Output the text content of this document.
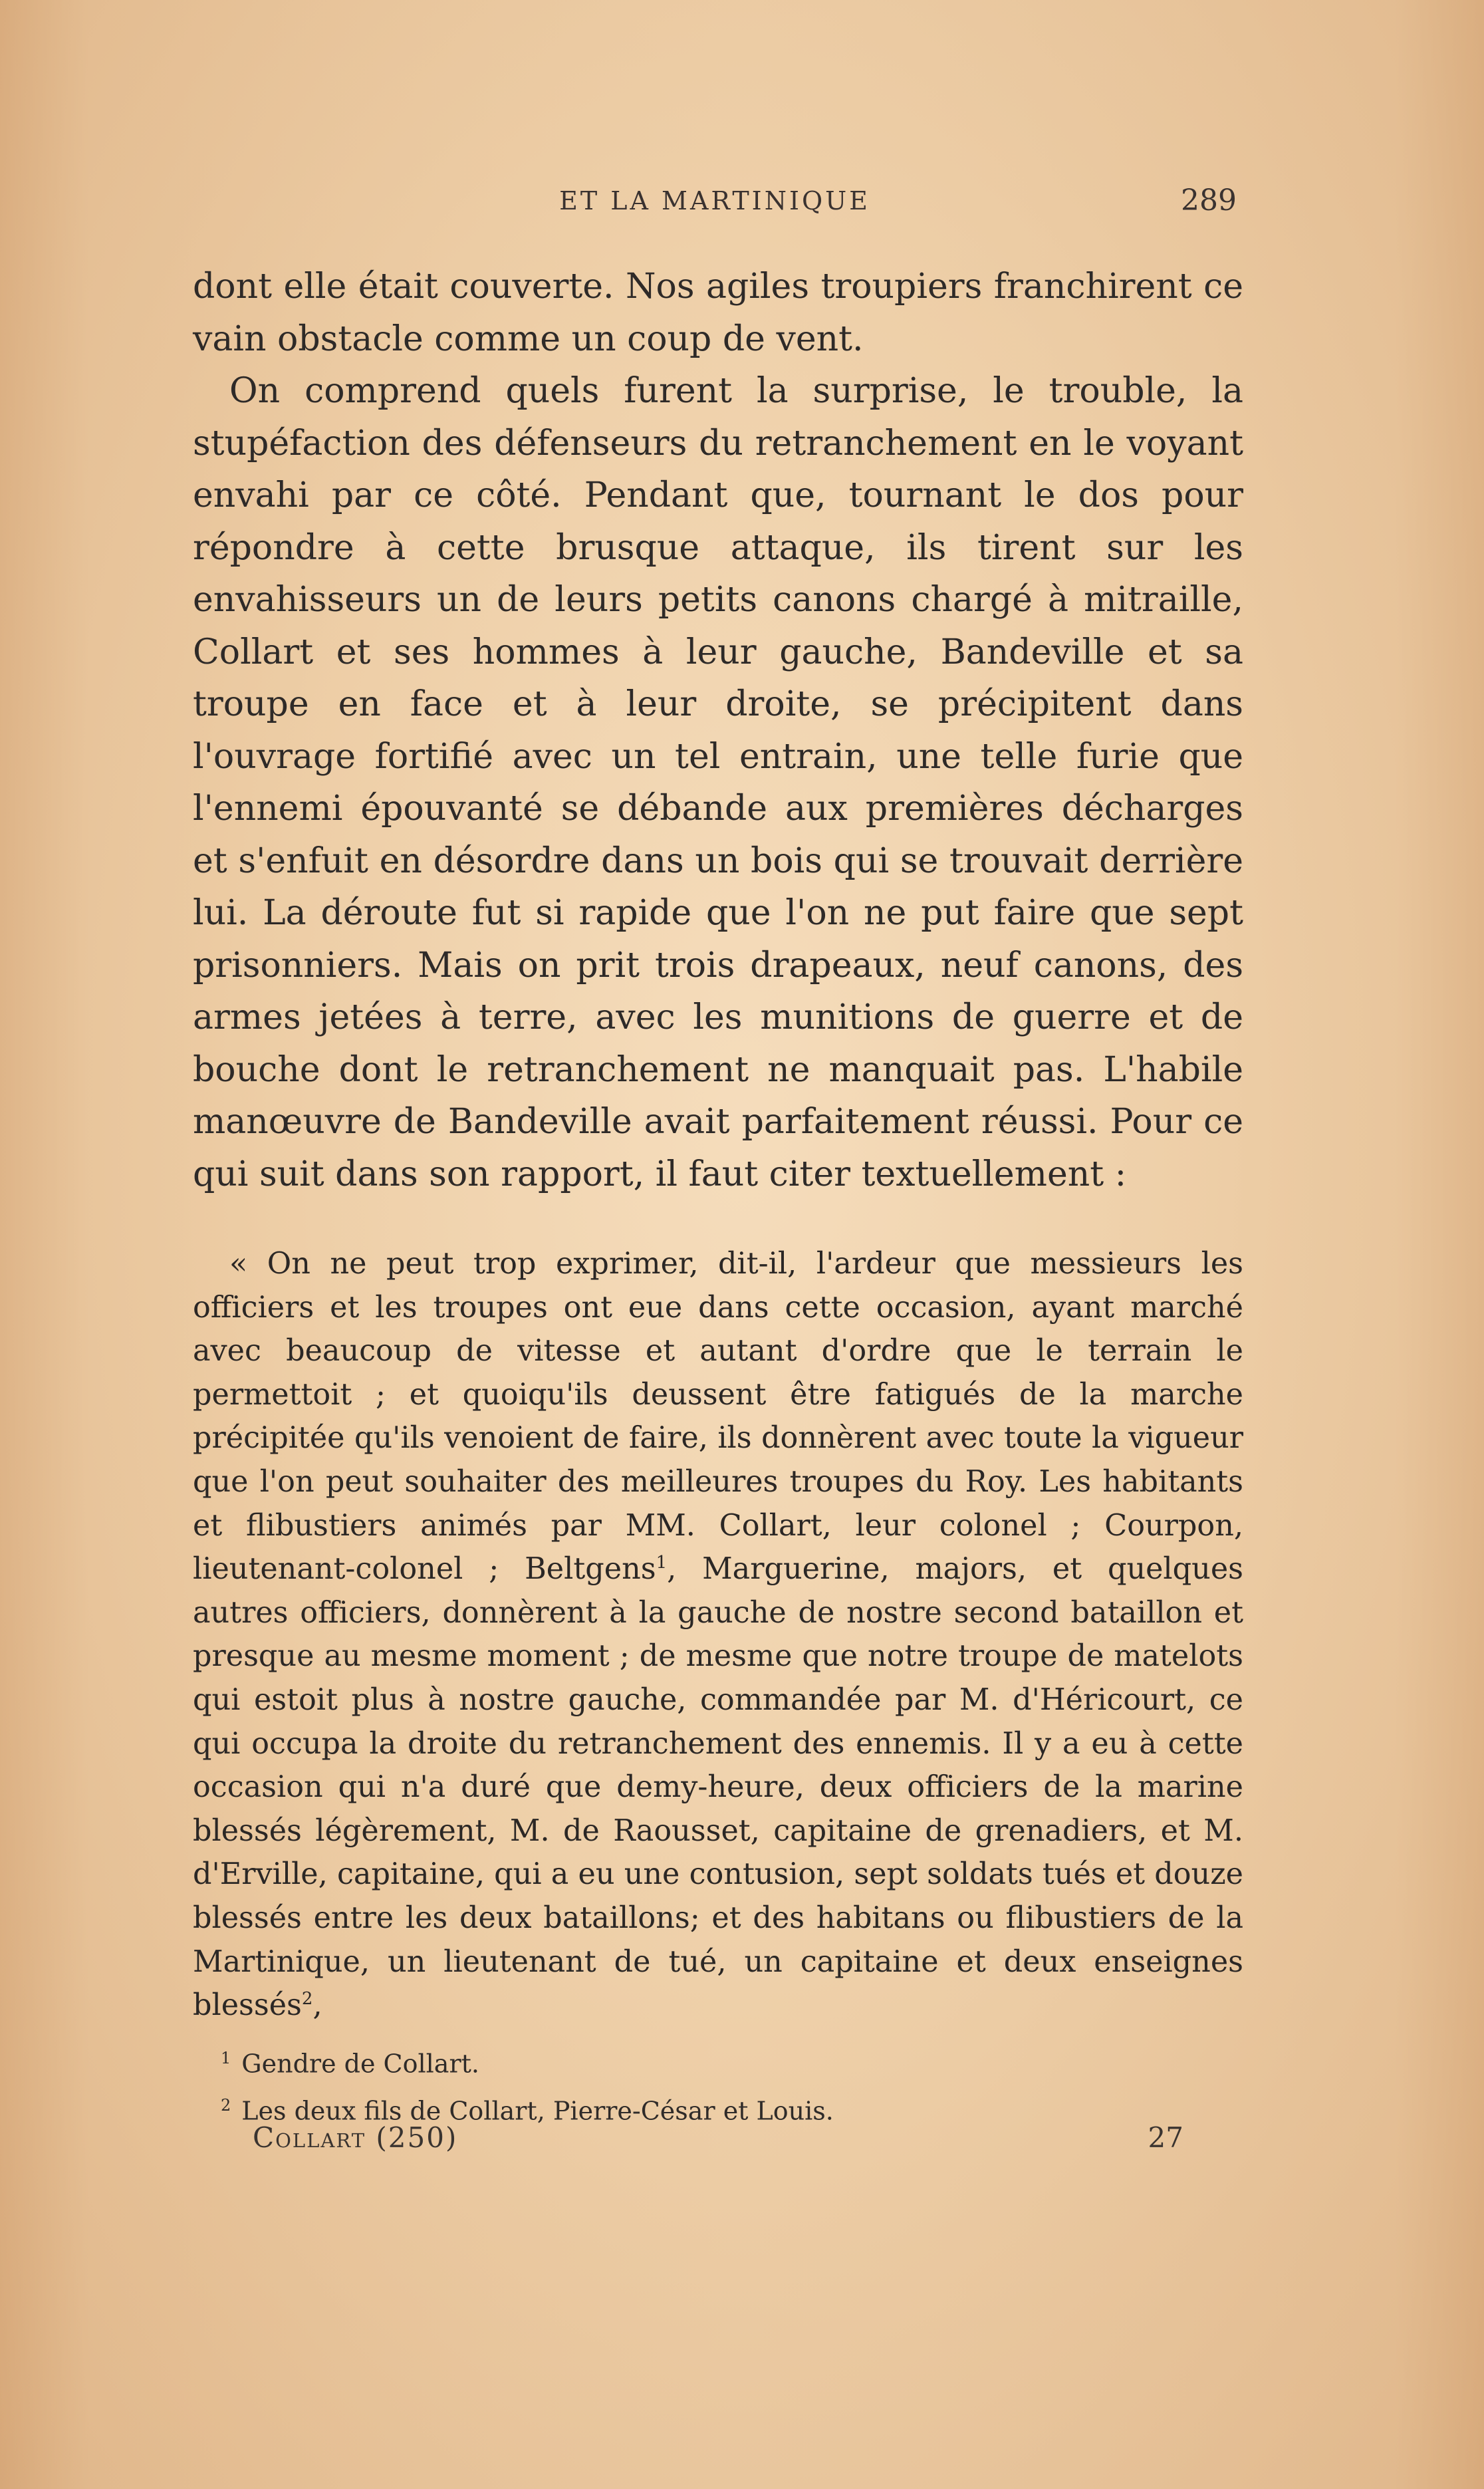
ET LA MARTINIQUE	289

dont elle était couverte. Nos agiles troupiers franchirent ce vain obstacle comme un coup de vent.

On comprend quels furent la surprise, le trouble, la stupéfaction des défenseurs du retranchement en le voyant envahi par ce côté. Pendant que, tournant le dos pour répondre à cette brusque attaque, ils tirent sur les envahisseurs un de leurs petits canons chargé à mitraille, Collart et ses hommes à leur gauche, Bandeville et sa troupe en face et à leur droite, se précipitent dans l'ouvrage fortifié avec un tel entrain, une telle furie que l'ennemi épouvanté se débande aux premières décharges et s'enfuit en désordre dans un bois qui se trouvait derrière lui. La déroute fut si rapide que l'on ne put faire que sept prisonniers. Mais on prit trois drapeaux, neuf canons, des armes jetées à terre, avec les munitions de guerre et de bouche dont le retranchement ne manquait pas. L'habile manœuvre de Bandeville avait parfaitement réussi. Pour ce qui suit dans son rapport, il faut citer textuellement :

« On ne peut trop exprimer, dit-il, l'ardeur que messieurs les officiers et les troupes ont eue dans cette occasion, ayant marché avec beaucoup de vitesse et autant d'ordre que le terrain le permettoit ; et quoiqu'ils deussent être fatigués de la marche précipitée qu'ils venoient de faire, ils donnèrent avec toute la vigueur que l'on peut souhaiter des meilleures troupes du Roy. Les habitants et flibustiers animés par MM. Collart, leur colonel ; Courpon, lieutenant-colonel ; Beltgens$^1$, Marguerine, majors, et quelques autres officiers, donnèrent à la gauche de nostre second bataillon et presque au mesme moment ; de mesme que notre troupe de matelots qui estoit plus à nostre gauche, commandée par M. d'Héricourt, ce qui occupa la droite du retranchement des ennemis. Il y a eu à cette occasion qui n'a duré que demy-heure, deux officiers de la marine blessés légèrement, M. de Raousset, capitaine de grenadiers, et M. d'Erville, capitaine, qui a eu une contusion, sept soldats tués et douze blessés entre les deux bataillons; et des habitans ou flibustiers de la Martinique, un lieutenant de tué, un capitaine et deux enseignes blessés$^2$,

$^1$ Gendre de Collart.

$^2$ Les deux fils de Collart, Pierre-César et Louis.

Collart (250)	27
